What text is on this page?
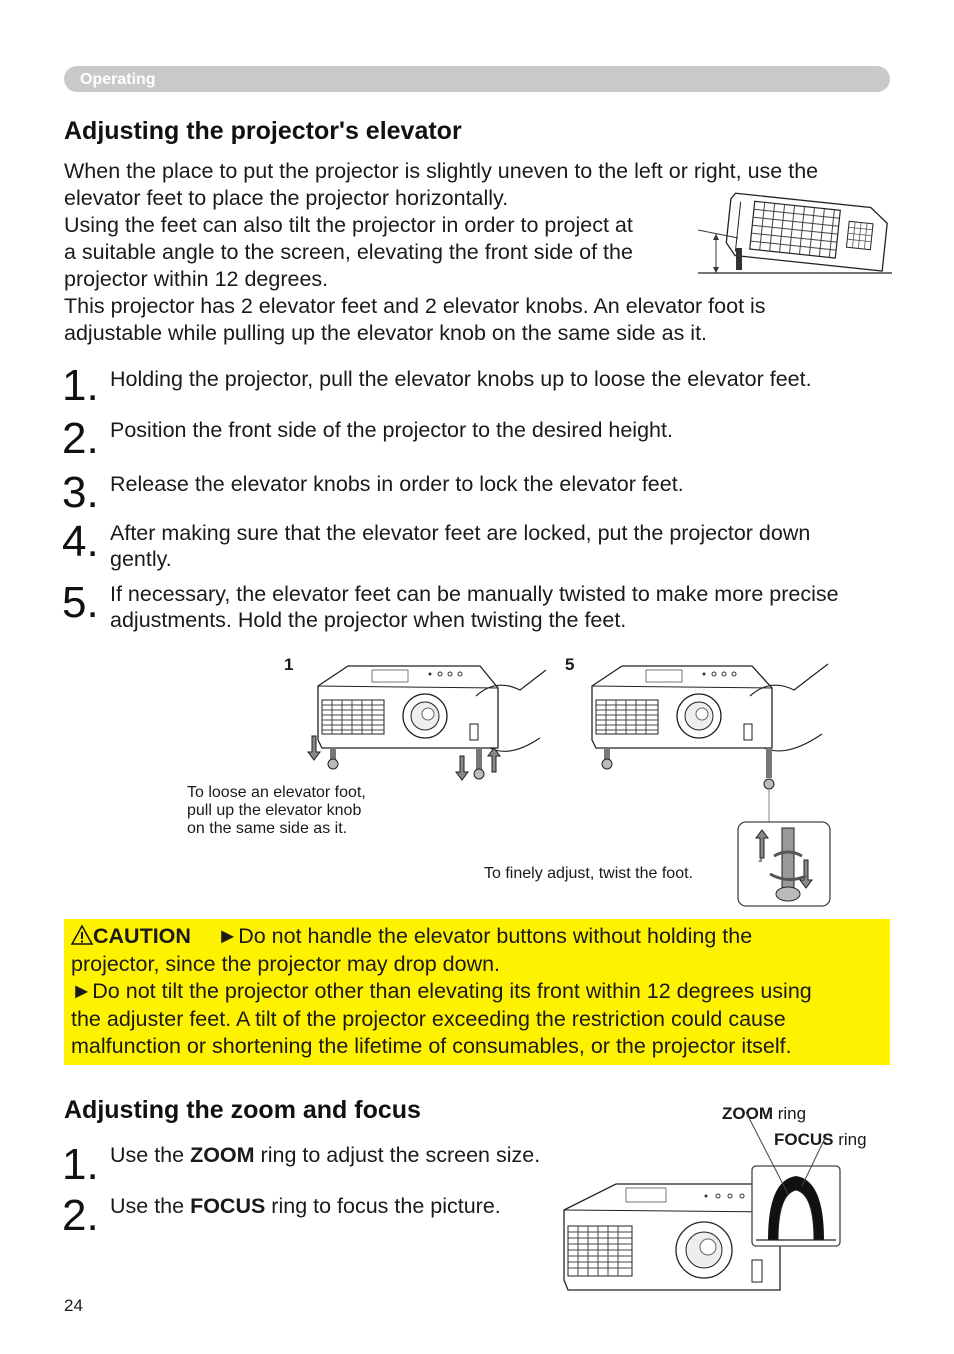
Operating
Adjusting the projector's elevator
When the place to put the projector is slightly uneven to the left or right, use the
elevator feet to place the projector horizontally.
Using the feet can also tilt the projector in order to project at
a suitable angle to the screen, elevating the front side of the
projector within 12 degrees.
This projector has 2 elevator feet and 2 elevator knobs. An elevator foot is
adjustable while pulling up the elevator knob on the same side as it.
1. Holding the projector, pull the elevator knobs up to loose the elevator feet.
2. Position the front side of the projector to the desired height.
3. Release the elevator knobs in order to lock the elevator feet.
4. After making sure that the elevator feet are locked, put the projector down
gently.
5. If necessary, the elevator feet can be manually twisted to make more precise
adjustments. Hold the projector when twisting the feet.
1	5
To loose an elevator foot,
pull up the elevator knob
on the same side as it.
To finely adjust, twist the foot.
CAUTION ►Do not handle the elevator buttons without holding the
projector, since the projector may drop down.
►Do not tilt the projector other than elevating its front within 12 degrees using
the adjuster feet. A tilt of the projector exceeding the restriction could cause
malfunction or shortening the lifetime of consumables, or the projector itself.
Adjusting the zoom and focus
1. Use the ZOOM ring to adjust the screen size.
2. Use the FOCUS ring to focus the picture.
ZOOM ring
FOCUS ring
24
